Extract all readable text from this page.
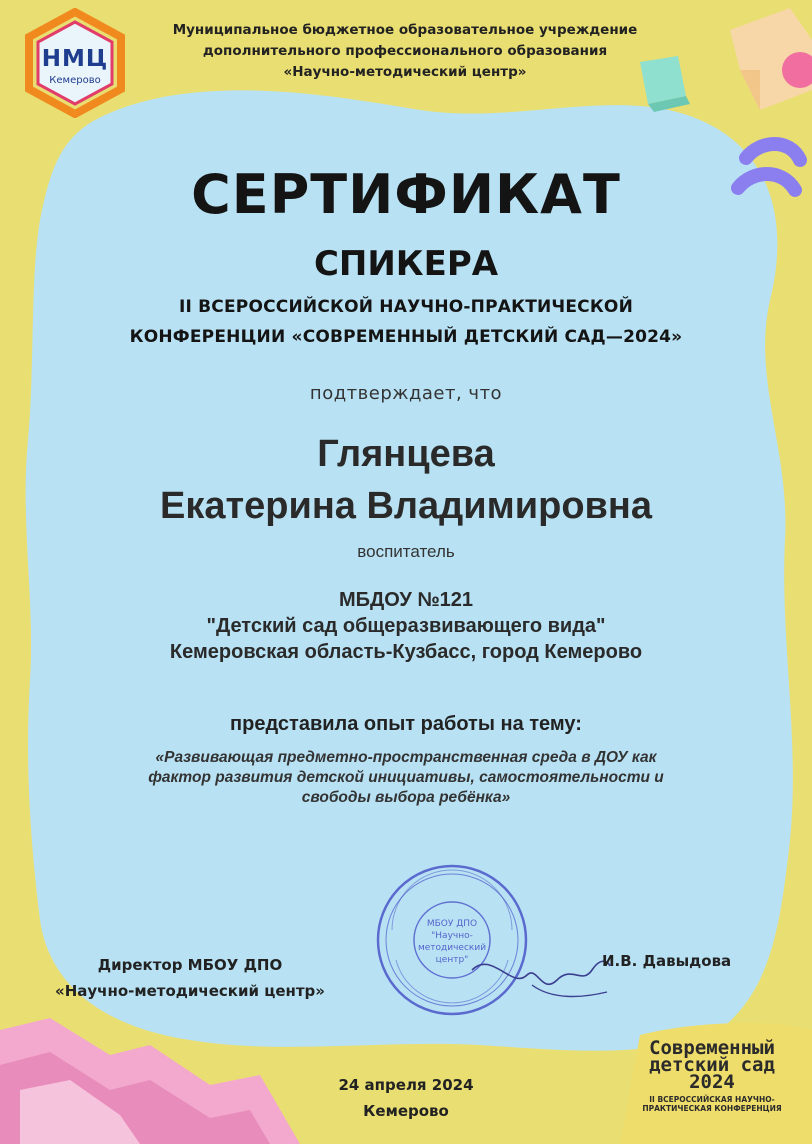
НМЦ
Кемерово
Муниципальное бюджетное образовательное учреждение
дополнительного профессионального образования
«Научно-методический центр»
СЕРТИФИКАТ
СПИКЕРА
II ВСЕРОССИЙСКОЙ НАУЧНО-ПРАКТИЧЕСКОЙ
КОНФЕРЕНЦИИ «СОВРЕМЕННЫЙ ДЕТСКИЙ САД—2024»
подтверждает, что
Глянцева
Екатерина Владимировна
воспитатель
МБДОУ №121
"Детский сад общеразвивающего вида"
Кемеровская область-Кузбасс, город Кемерово
представила опыт работы на тему:
«Развивающая предметно-пространственная среда в ДОУ как
фактор развития детской инициативы, самостоятельности и
свободы выбора ребёнка»
МБОУ ДПО
"Научно-
методический
центр"
Директор МБОУ ДПО
«Научно-методический центр»
И.В. Давыдова
24 апреля 2024
Кемерово
Современный
детский сад
2024
II ВСЕРОССИЙСКАЯ НАУЧНО-
ПРАКТИЧЕСКАЯ КОНФЕРЕНЦИЯ
